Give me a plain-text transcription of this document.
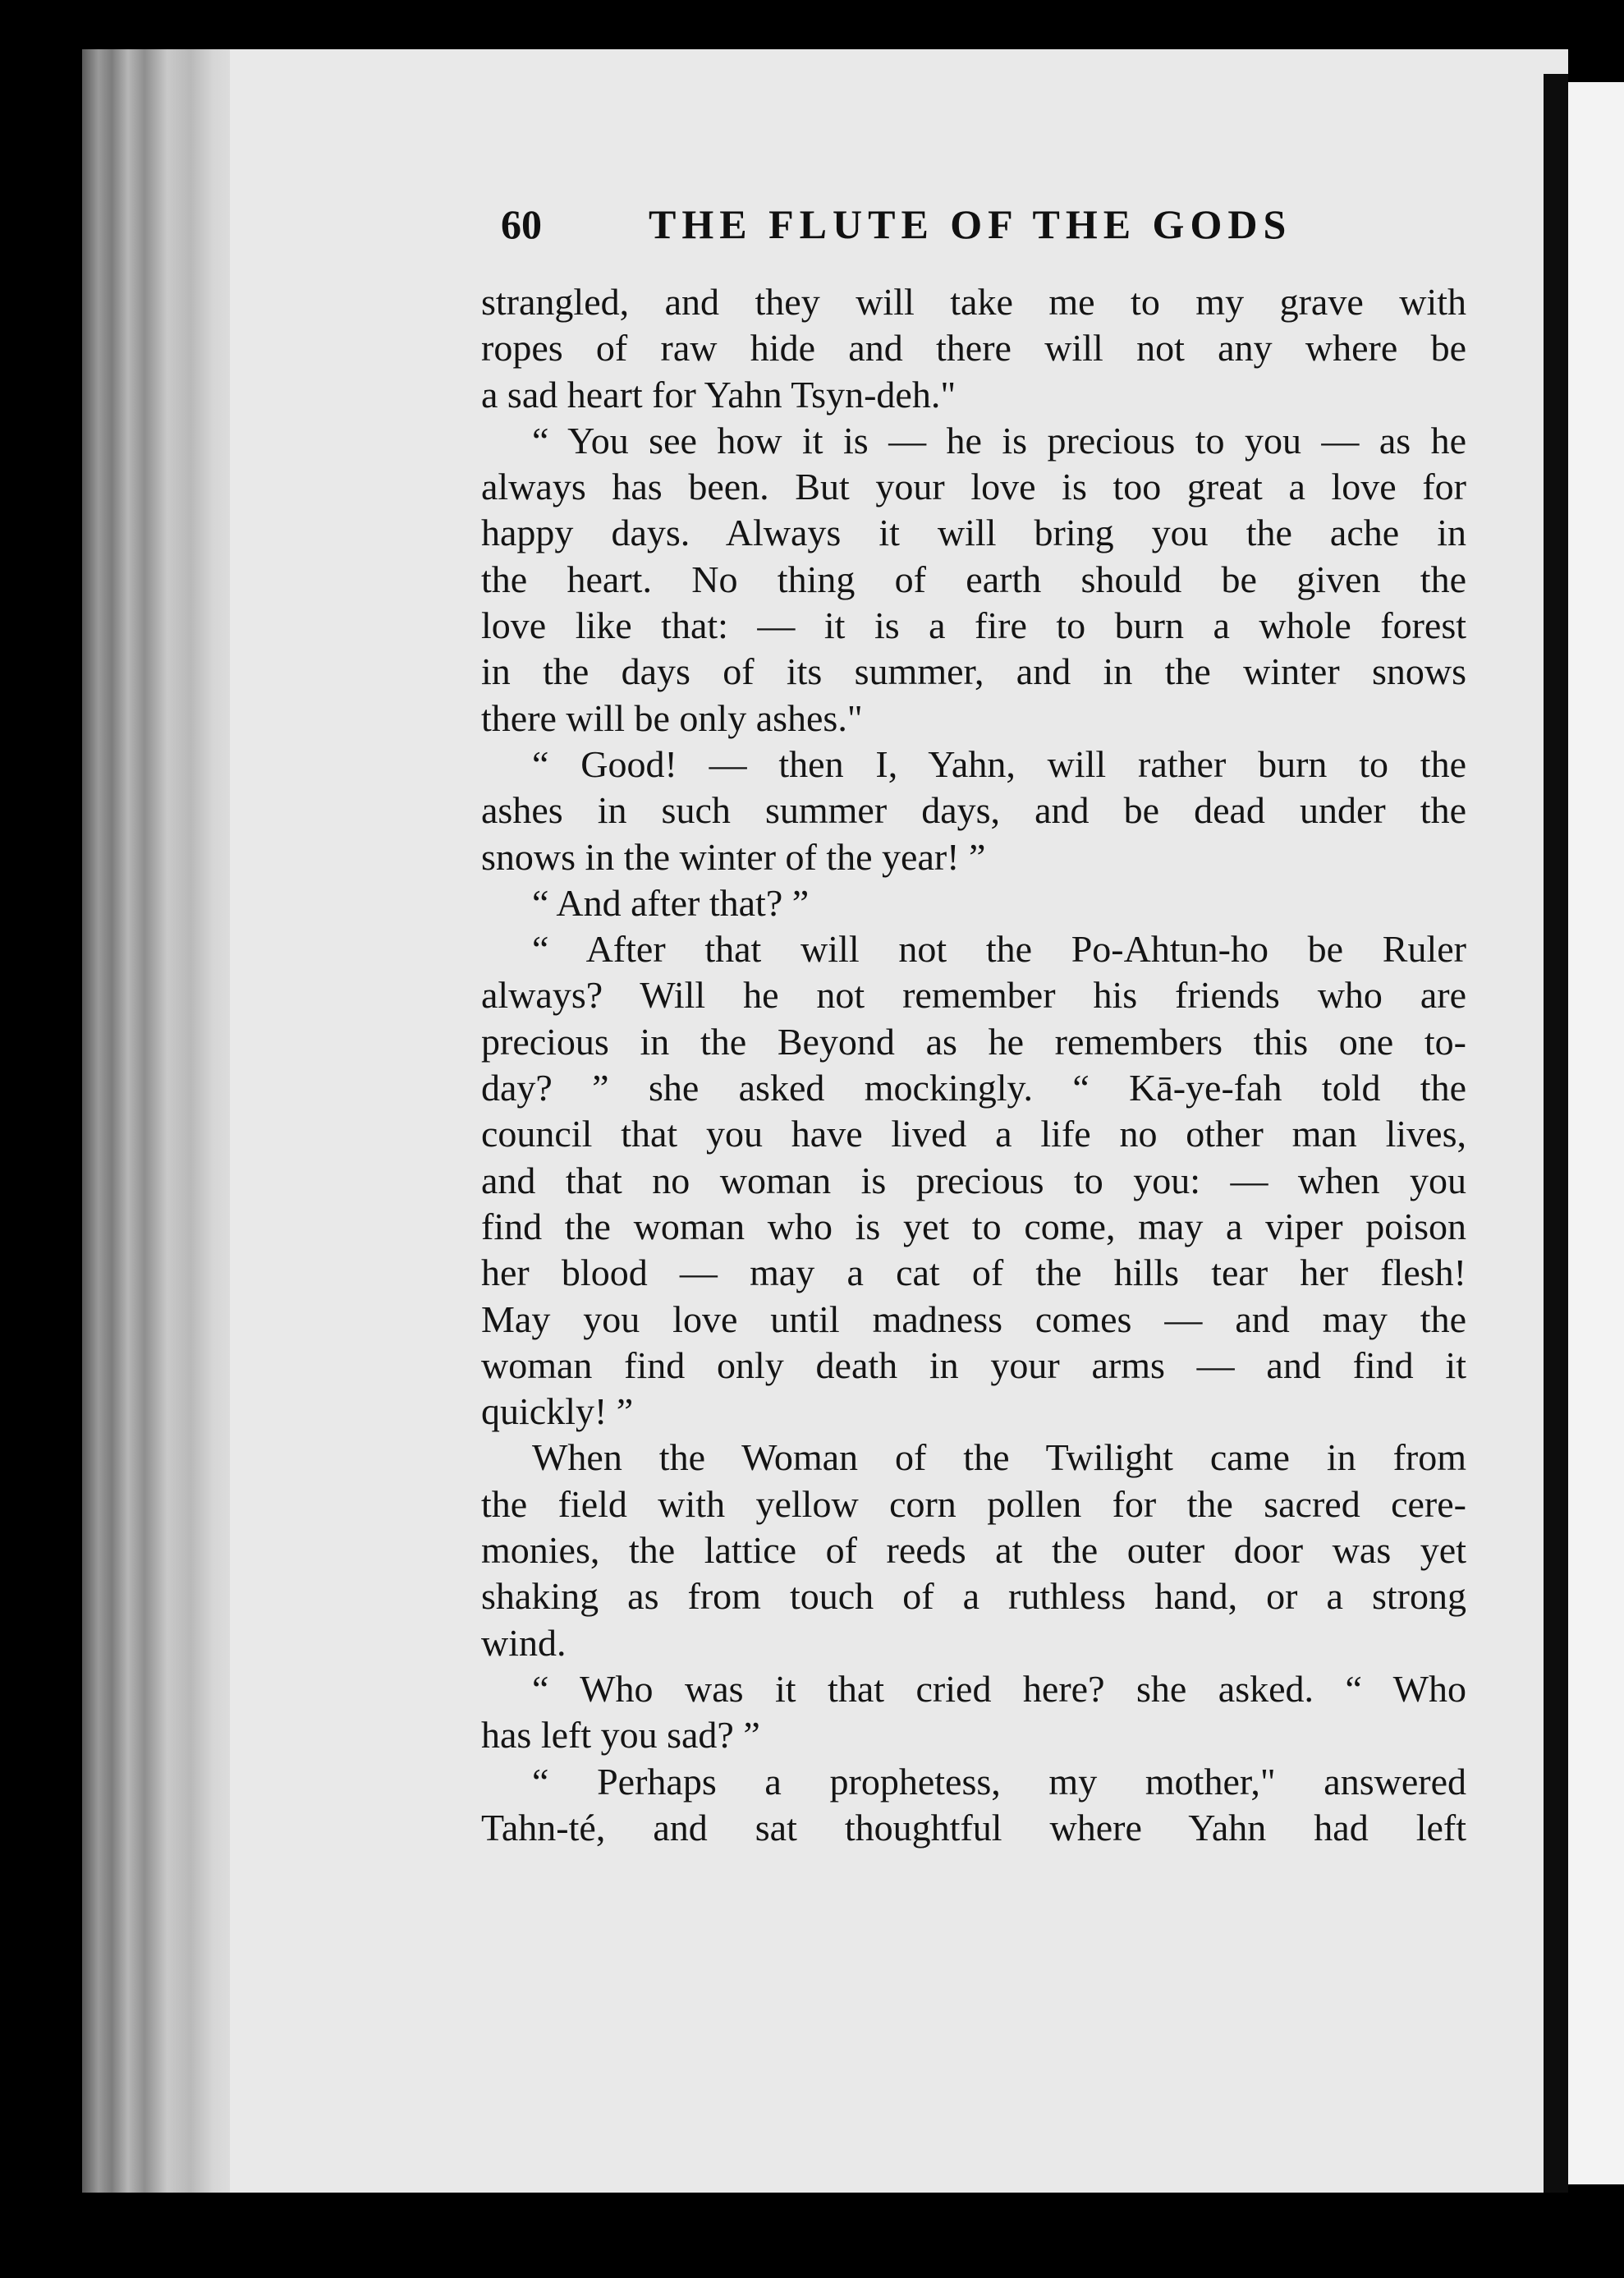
60	THE FLUTE OF THE GODS
strangled, and they will take me to my grave with
ropes of raw hide and there will not any where be
a sad heart for Yahn Tsyn-deh."
“ You see how it is — he is precious to you — as he
always has been. But your love is too great a love for
happy days. Always it will bring you the ache in
the heart. No thing of earth should be given the
love like that: — it is a fire to burn a whole forest
in the days of its summer, and in the winter snows
there will be only ashes."
“ Good! — then I, Yahn, will rather burn to the
ashes in such summer days, and be dead under the
snows in the winter of the year! ”
“ And after that? ”
“ After that will not the Po-Ahtun-ho be Ruler
always? Will he not remember his friends who are
precious in the Beyond as he remembers this one to-
day? ” she asked mockingly. “ Kā-ye-fah told the
council that you have lived a life no other man lives,
and that no woman is precious to you: — when you
find the woman who is yet to come, may a viper poison
her blood — may a cat of the hills tear her flesh!
May you love until madness comes — and may the
woman find only death in your arms — and find it
quickly! ”
When the Woman of the Twilight came in from
the field with yellow corn pollen for the sacred cere-
monies, the lattice of reeds at the outer door was yet
shaking as from touch of a ruthless hand, or a strong
wind.
“ Who was it that cried here? she asked. “ Who
has left you sad? ”
“ Perhaps a prophetess, my mother," answered
Tahn-té, and sat thoughtful where Yahn had left
